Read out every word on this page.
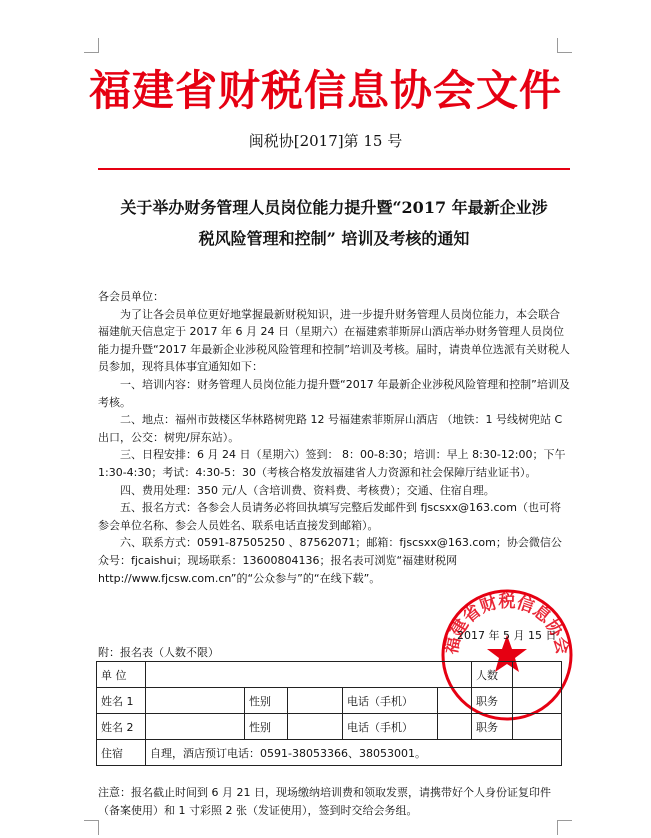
福建省财税信息协会文件
闽税协[2017]第 15 号
关于举办财务管理人员岗位能力提升暨“2017 年最新企业涉
税风险管理和控制” 培训及考核的通知

各会员单位：

为了让各会员单位更好地掌握最新财税知识，进一步提升财务管理人员岗位能力，本会联合福建航天信息定于 2017 年 6 月 24 日（星期六）在福建索菲斯屏山酒店举办财务管理人员岗位能力提升暨“2017 年最新企业涉税风险管理和控制”培训及考核。届时，请贵单位选派有关财税人员参加，现将具体事宜通知如下：

一、培训内容：财务管理人员岗位能力提升暨“2017 年最新企业涉税风险管理和控制”培训及考核。

二、地点：福州市鼓楼区华林路树兜路 12 号福建索菲斯屏山酒店 （地铁：1 号线树兜站 C 出口，公交：树兜/屏东站）。

三、日程安排：6 月 24 日（星期六）签到： 8：00-8:30；培训：早上 8:30-12:00；下午 1:30-4:30；考试：4:30-5：30（考核合格发放福建省人力资源和社会保障厅结业证书）。

四、费用处理：350 元/人（含培训费、资料费、考核费）；交通、住宿自理。

五、报名方式：各参会人员请务必将回执填写完整后发邮件到 fjscsxx@163.com（也可将参会单位名称、参会人员姓名、联系电话直接发到邮箱）。

六、联系方式：0591-87505250 、87562071；邮箱：fjscsxx@163.com；协会微信公众号：fjcaishui；现场联系：13600804136；报名表可浏览“福建财税网 http://www.fjcsw.com.cn”的“公众参与”的“在线下载”。

福建省财税信息协会
2017 年 5 月 15 日
附：报名表（人数不限）
单 位						人数	
姓名 1		性别		电话（手机）		职务	
姓名 2		性别		电话（手机）		职务	
住宿	自理，酒店预订电话：0591-38053366、38053001。						
注意：报名截止时间到 6 月 21 日，现场缴纳培训费和领取发票，请携带好个人身份证复印件（备案使用）和 1 寸彩照 2 张（发证使用），签到时交给会务组。
